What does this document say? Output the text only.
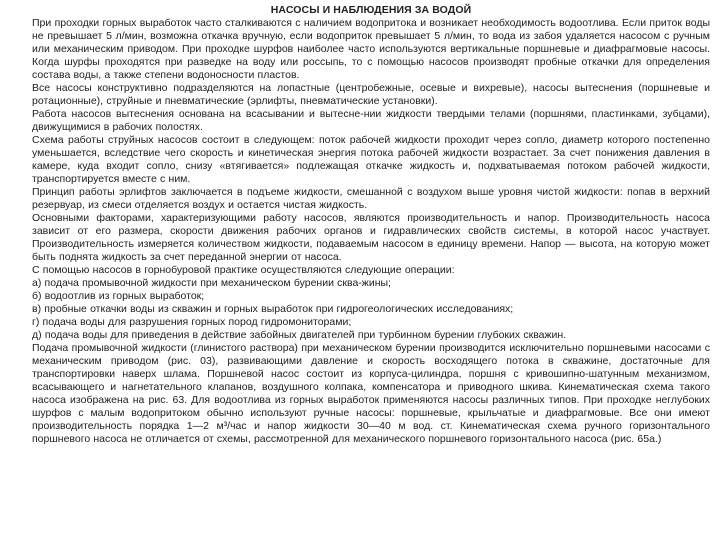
НАСОСЫ И НАБЛЮДЕНИЯ ЗА ВОДОЙ

При проходки горных выработок часто сталкиваются с наличием водопритока и возникает необходимость водоотлива. Если приток воды не превышает 5 л/мин, возможна откачка вручную, если водоприток превышает 5 л/мин, то вода из забоя удаляется насосом с ручным или механическим приводом. При проходке шурфов наиболее часто используются вертикальные поршневые и диафрагмовые насосы. Когда шурфы проходятся при разведке на воду или россыпь, то с помощью насосов производят пробные откачки для определения состава воды, а также степени водоносности пластов.

Все насосы конструктивно подразделяются на лопастные (центробежные, осевые и вихревые), насосы вытеснения (поршневые и ротационные), струйные и пневматические (эрлифты, пневматические установки).

Работа насосов вытеснения основана на всасывании и вытесне-нии жидкости твердыми телами (поршнями, пластинками, зубцами), движущимися в рабочих полостях.

Схема работы струйных насосов состоит в следующем: поток рабочей жидкости проходит через сопло, диаметр которого постепенно уменьшается, вследствие чего скорость и кинетическая энергия потока рабочей жидкости возрастает. За счет понижения давления в камере, куда входит сопло, снизу «втягивается» подлежащая откачке жидкость и, подхватываемая потоком рабочей жидкости, транспортируется вместе с ним.

Принцип работы эрлифтов заключается в подъеме жидкости, смешанной с воздухом выше уровня чистой жидкости: попав в верхний резервуар, из смеси отделяется воздух и остается чистая жидкость.

Основными факторами, характеризующими работу насосов, являются производительность и напор. Производительность насоса зависит от его размера, скорости движения рабочих органов и гидравлических свойств системы, в которой насос участвует. Производительность измеряется количеством жидкости, подаваемым насосом в единицу времени. Напор — высота, на которую может быть поднята жидкость за счет переданной энергии от насоса.

С помощью насосов в горнобуровой практике осуществляются следующие операции:

а) подача промывочной жидкости при механическом бурении сква-жины;

б) водоотлив из горных выработок;

в) пробные откачки воды из скважин и горных выработок при гидрогеологических исследованиях;

г) подача воды для разрушения горных пород гидромониторами;

д) подача воды для приведения в действие забойных двигателей при турбинном бурении глубоких скважин.

Подача промывочной жидкости (глинистого раствора) при механическом бурении производится исключительно поршневыми насосами с механическим приводом (рис. 03), развивающими давление и скорость восходящего потока в скважине, достаточные для транспортировки наверх шлама. Поршневой насос состоит из корпуса-цилиндра, поршня с кривошипно-шатунным механизмом, всасывающего и нагнетательного клапанов, воздушного колпака, компенсатора и приводного шкива. Кинематическая схема такого насоса изображена на рис. 63. Для водоотлива из горных выработок применяются насосы различных типов. При проходке неглубоких шурфов с малым водопритоком обычно используют ручные насосы: поршневые, крыльчатые и диафрагмовые. Все они имеют производительность порядка 1—2 м³/час и напор жидкости 30—40 м вод. ст. Кинематическая схема ручного горизонтального поршневого насоса не отличается от схемы, рассмотренной для механического поршневого горизонтального насоса (рис. 65а.)
